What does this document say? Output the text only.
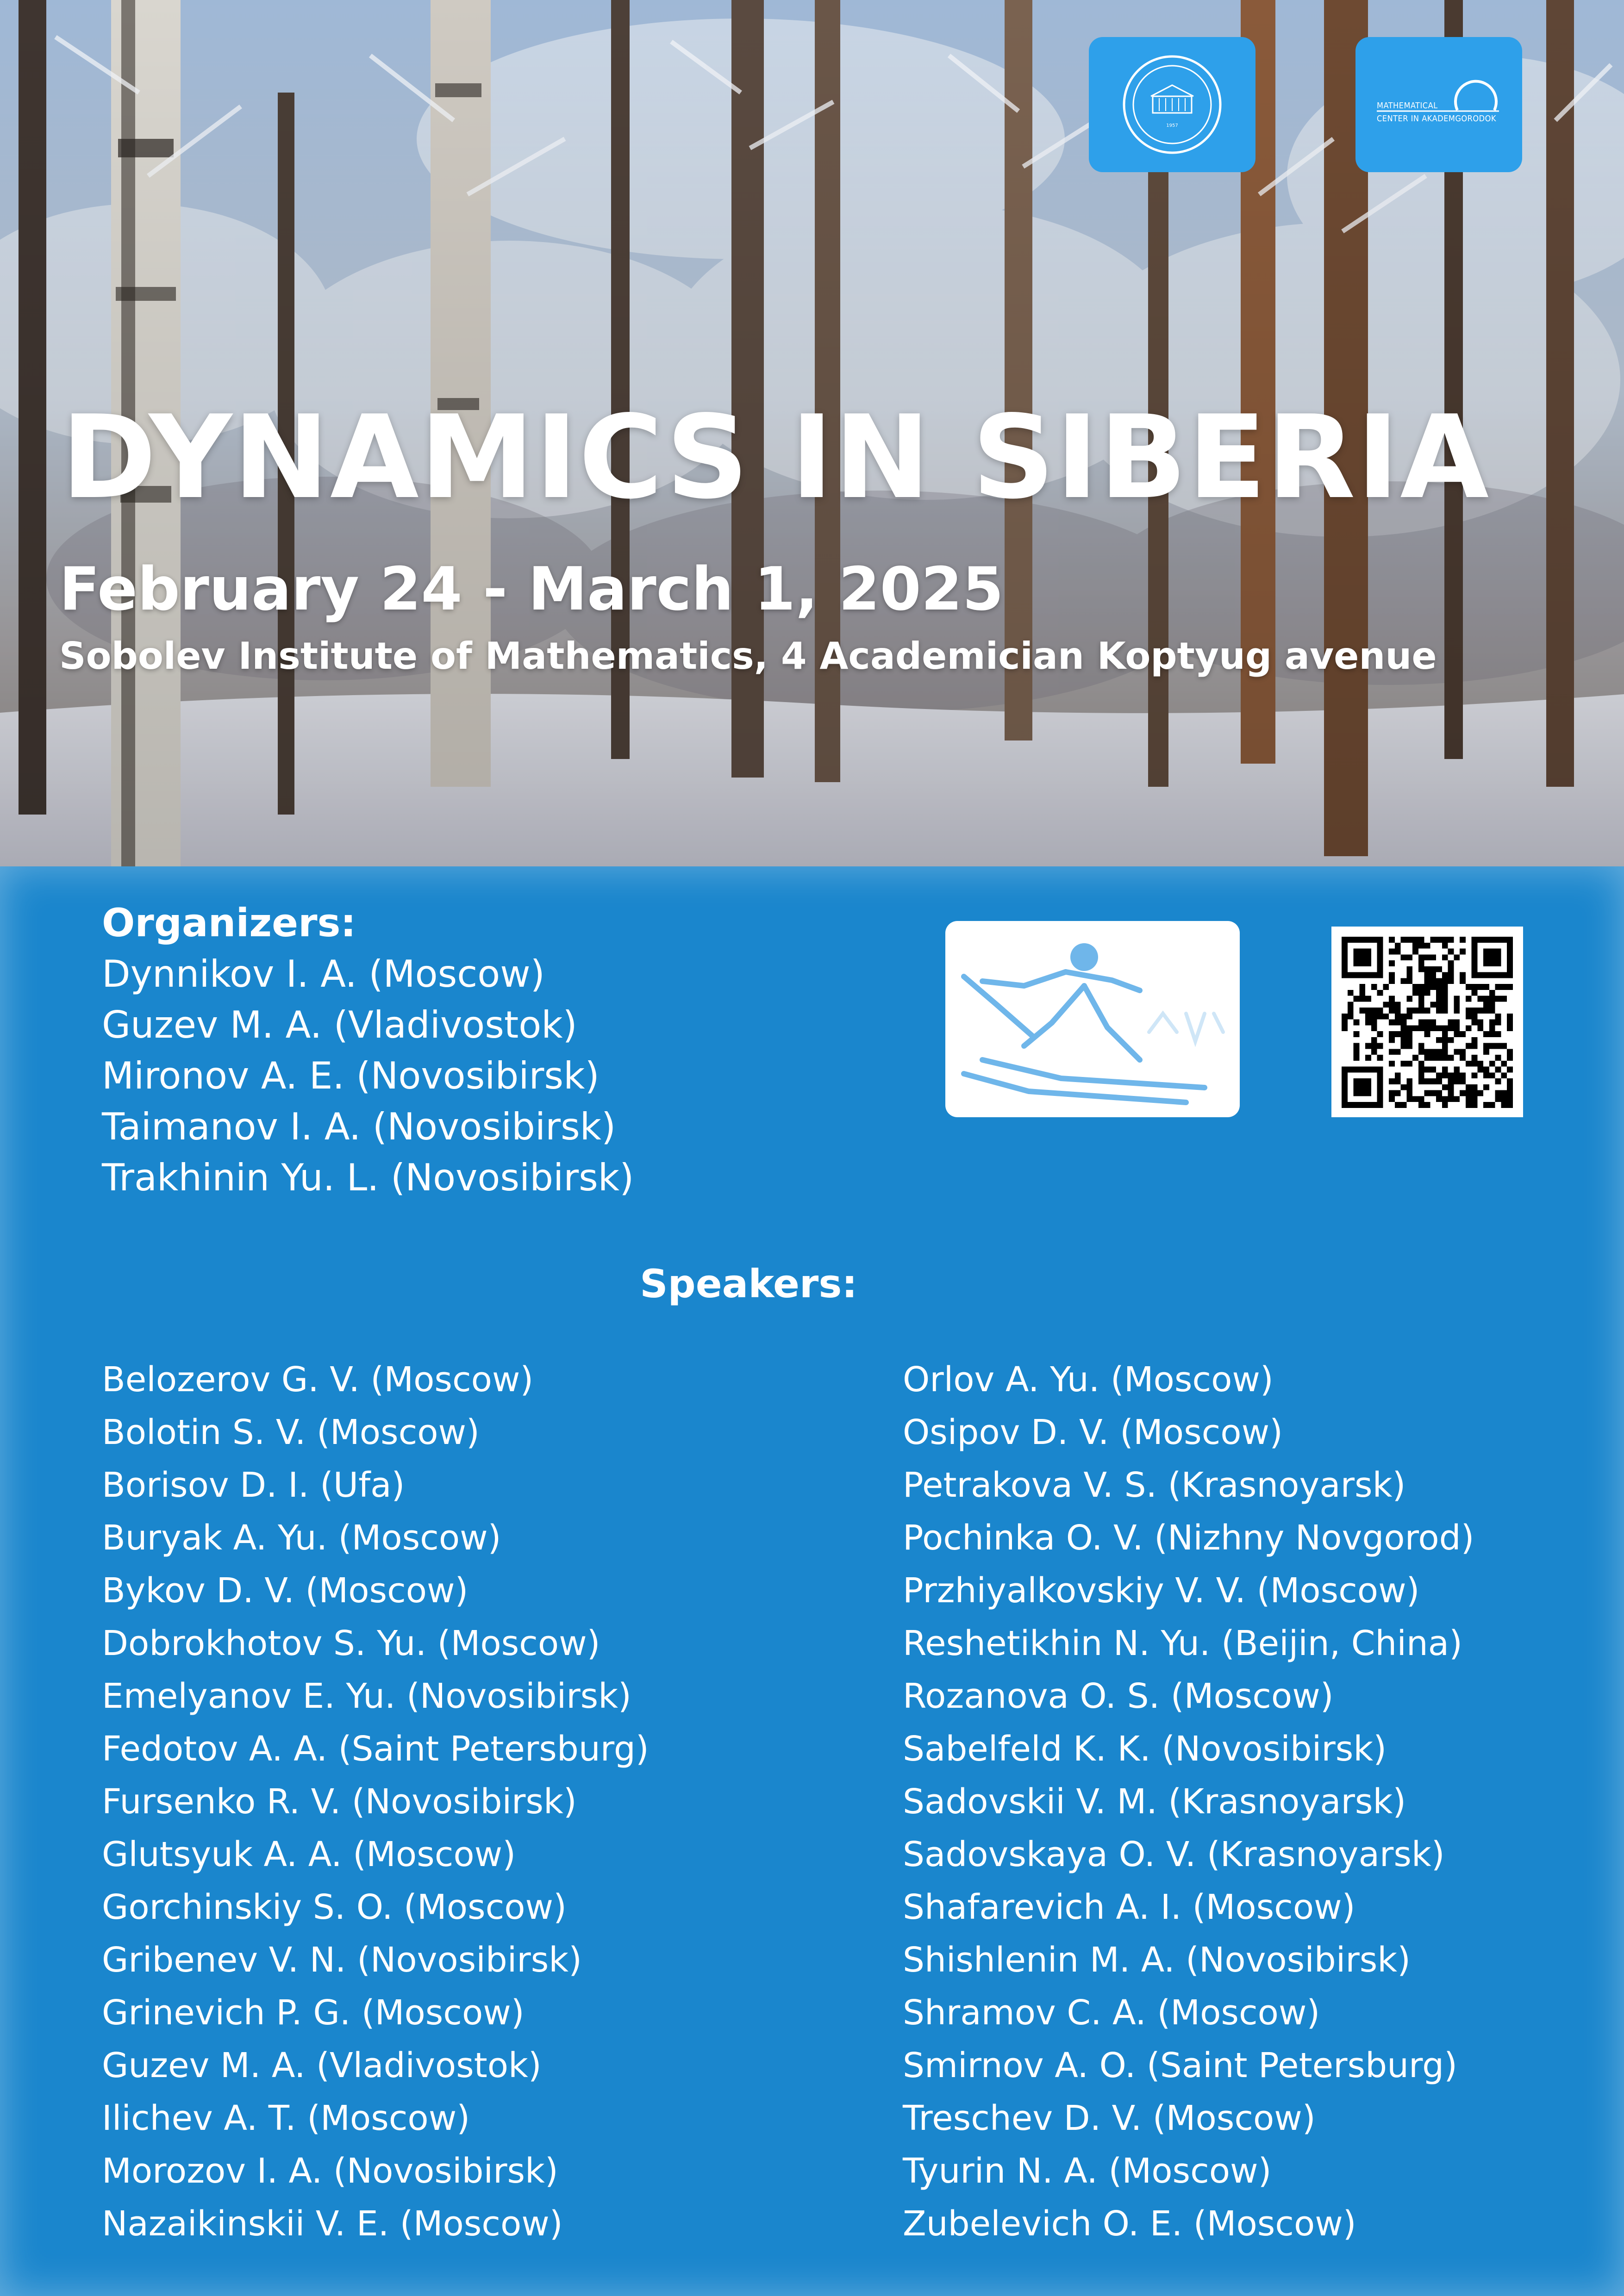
1957
MATHEMATICAL
CENTER IN AKADEMGORODOK
DYNAMICS IN SIBERIA
February 24 - March 1, 2025
Sobolev Institute of Mathematics, 4 Academician Koptyug avenue
Organizers:
Dynnikov I. A. (Moscow)
Guzev M. A. (Vladivostok)
Mironov A. E. (Novosibirsk)
Taimanov I. A. (Novosibirsk)
Trakhinin Yu. L. (Novosibirsk)
Speakers:
Belozerov G. V. (Moscow)
Bolotin S. V. (Moscow)
Borisov D. I. (Ufa)
Buryak A. Yu. (Moscow)
Bykov D. V. (Moscow)
Dobrokhotov S. Yu. (Moscow)
Emelyanov E. Yu. (Novosibirsk)
Fedotov A. A. (Saint Petersburg)
Fursenko R. V. (Novosibirsk)
Glutsyuk A. A. (Moscow)
Gorchinskiy S. O. (Moscow)
Gribenev V. N. (Novosibirsk)
Grinevich P. G. (Moscow)
Guzev M. A. (Vladivostok)
Ilichev A. T. (Moscow)
Morozov I. A. (Novosibirsk)
Nazaikinskii V. E. (Moscow)
Orlov A. Yu. (Moscow)
Osipov D. V. (Moscow)
Petrakova V. S. (Krasnoyarsk)
Pochinka O. V. (Nizhny Novgorod)
Przhiyalkovskiy V. V. (Moscow)
Reshetikhin N. Yu. (Beijin, China)
Rozanova O. S. (Moscow)
Sabelfeld K. K. (Novosibirsk)
Sadovskii V. M. (Krasnoyarsk)
Sadovskaya O. V. (Krasnoyarsk)
Shafarevich A. I. (Moscow)
Shishlenin M. A. (Novosibirsk)
Shramov C. A. (Moscow)
Smirnov A. O. (Saint Petersburg)
Treschev D. V. (Moscow)
Tyurin N. A. (Moscow)
Zubelevich O. E. (Moscow)
